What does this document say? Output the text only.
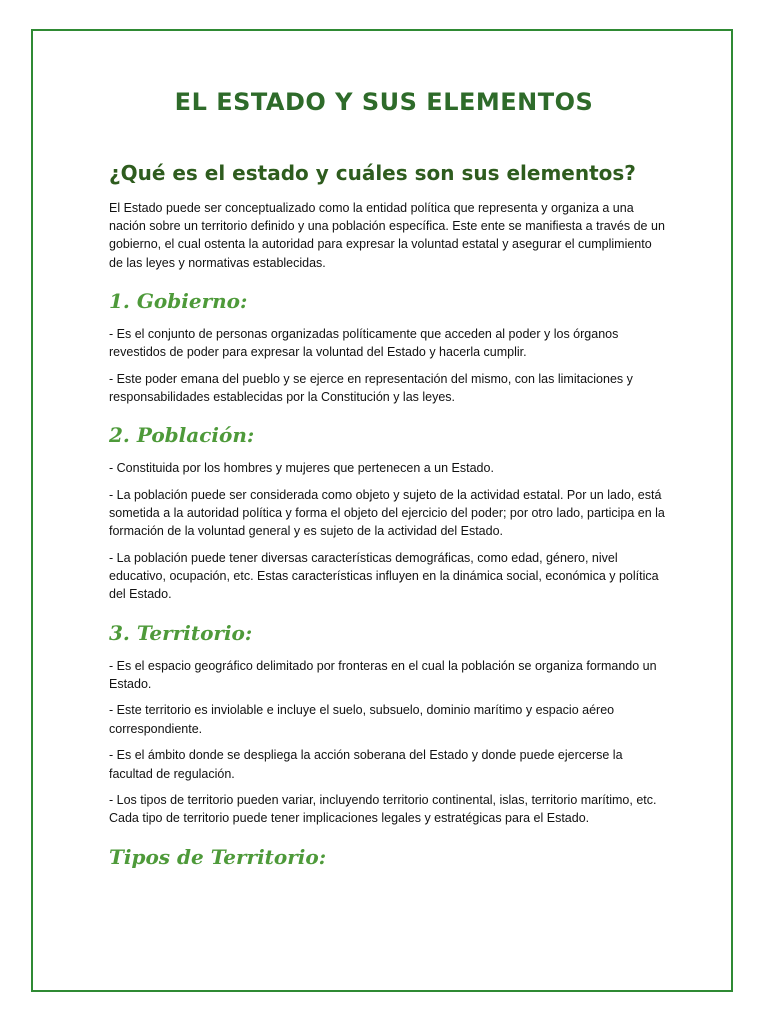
EL ESTADO Y SUS ELEMENTOS
¿Qué es el estado y cuáles son sus elementos?

El Estado puede ser conceptualizado como la entidad política que representa y organiza a una nación sobre un territorio definido y una población específica. Este ente se manifiesta a través de un gobierno, el cual ostenta la autoridad para expresar la voluntad estatal y asegurar el cumplimiento de las leyes y normativas establecidas.

1. Gobierno:

- Es el conjunto de personas organizadas políticamente que acceden al poder y los órganos revestidos de poder para expresar la voluntad del Estado y hacerla cumplir.

- Este poder emana del pueblo y se ejerce en representación del mismo, con las limitaciones y responsabilidades establecidas por la Constitución y las leyes.

2. Población:

- Constituida por los hombres y mujeres que pertenecen a un Estado.

- La población puede ser considerada como objeto y sujeto de la actividad estatal. Por un lado, está sometida a la autoridad política y forma el objeto del ejercicio del poder; por otro lado, participa en la formación de la voluntad general y es sujeto de la actividad del Estado.

- La población puede tener diversas características demográficas, como edad, género, nivel educativo, ocupación, etc. Estas características influyen en la dinámica social, económica y política del Estado.

3. Territorio:

- Es el espacio geográfico delimitado por fronteras en el cual la población se organiza formando un Estado.

- Este territorio es inviolable e incluye el suelo, subsuelo, dominio marítimo y espacio aéreo correspondiente.

- Es el ámbito donde se despliega la acción soberana del Estado y donde puede ejercerse la facultad de regulación.

- Los tipos de territorio pueden variar, incluyendo territorio continental, islas, territorio marítimo, etc. Cada tipo de territorio puede tener implicaciones legales y estratégicas para el Estado.

Tipos de Territorio:
